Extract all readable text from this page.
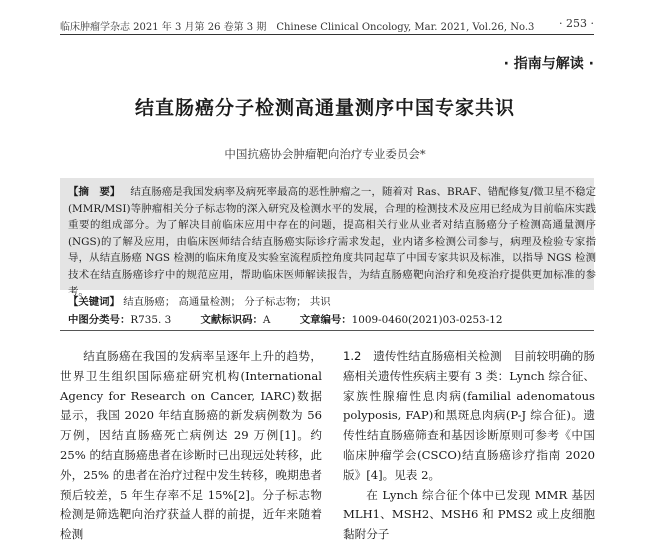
临床肿瘤学杂志 2021 年 3 月第 26 卷第 3 期　Chinese Clinical Oncology, Mar. 2021, Vol.26, No.3 · 253 ·
· 指南与解读 ·
结直肠癌分子检测高通量测序中国专家共识
中国抗癌协会肿瘤靶向治疗专业委员会*
【摘　要】 结直肠癌是我国发病率及病死率最高的恶性肿瘤之一，随着对 Ras、BRAF、错配修复/微卫星不稳定(MMR/MSI)等肿瘤相关分子标志物的深入研究及检测水平的发展，合理的检测技术及应用已经成为目前临床实践重要的组成部分。为了解决目前临床应用中存在的问题，提高相关行业从业者对结直肠癌分子检测高通量测序(NGS)的了解及应用，由临床医师结合结直肠癌实际诊疗需求发起，业内诸多检测公司参与，病理及检验专家指导，从结直肠癌 NGS 检测的临床角度及实验室流程质控角度共同起草了中国专家共识及标准，以指导 NGS 检测技术在结直肠癌诊疗中的规范应用，帮助临床医师解读报告，为结直肠癌靶向治疗和免疫治疗提供更加标准的参考。
【关键词】 结直肠癌； 高通量检测； 分子标志物； 共识
中图分类号：R735. 3	文献标识码：A	文章编号：1009-0460(2021)03-0253-12

结直肠癌在我国的发病率呈逐年上升的趋势，世界卫生组织国际癌症研究机构(International Agency for Research on Cancer, IARC)数据显示，我国 2020 年结直肠癌的新发病例数为 56 万例，因结直肠癌死亡病例达 29 万例[1]。约 25% 的结直肠癌患者在诊断时已出现远处转移，此外，25% 的患者在治疗过程中发生转移，晚期患者预后较差，5 年生存率不足 15%[2]。分子标志物检测是筛选靶向治疗获益人群的前提，近年来随着检测

1.2　遗传性结直肠癌相关检测　 目前较明确的肠癌相关遗传性疾病主要有 3 类：Lynch 综合征、家族性腺瘤性息肉病(familial adenomatous polyposis, FAP)和黑斑息肉病(P-J 综合征)。遗传性结直肠癌筛查和基因诊断原则可参考《中国临床肿瘤学会(CSCO)结直肠癌诊疗指南 2020 版》[4]。见表 2。

在 Lynch 综合征个体中已发现 MMR 基因 MLH1、MSH2、MSH6 和 PMS2 或上皮细胞黏附分子
